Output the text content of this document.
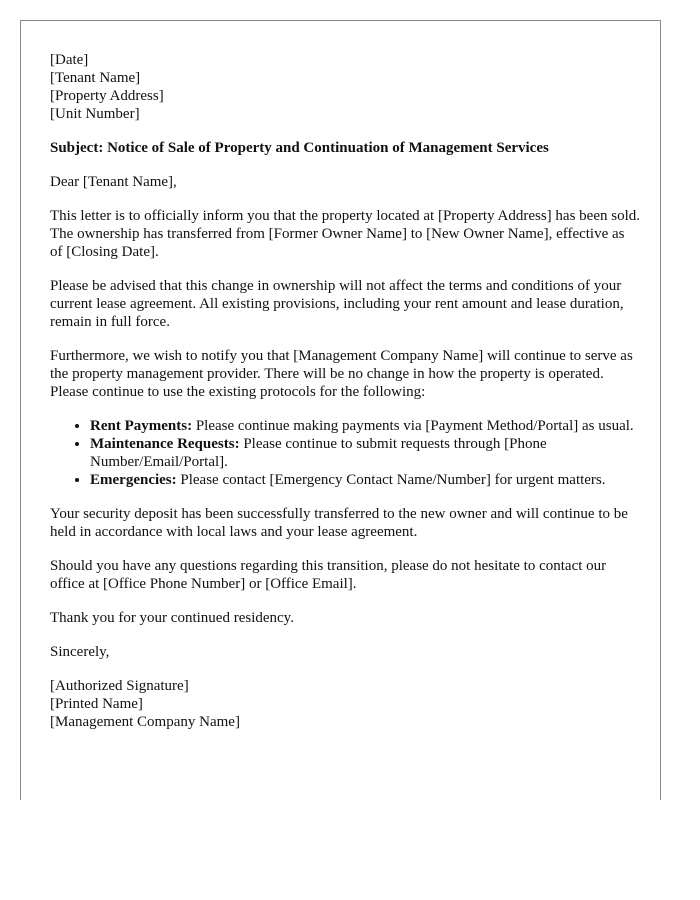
[Date]
[Tenant Name]
[Property Address]
[Unit Number]

Subject: Notice of Sale of Property and Continuation of Management Services

Dear [Tenant Name],

This letter is to officially inform you that the property located at [Property Address] has been sold. The ownership has transferred from [Former Owner Name] to [New Owner Name], effective as of [Closing Date].

Please be advised that this change in ownership will not affect the terms and conditions of your current lease agreement. All existing provisions, including your rent amount and lease duration, remain in full force.

Furthermore, we wish to notify you that [Management Company Name] will continue to serve as the property management provider. There will be no change in how the property is operated. Please continue to use the existing protocols for the following:

• Rent Payments: Please continue making payments via [Payment Method/Portal] as usual.
• Maintenance Requests: Please continue to submit requests through [Phone Number/Email/Portal].
• Emergencies: Please contact [Emergency Contact Name/Number] for urgent matters.

Your security deposit has been successfully transferred to the new owner and will continue to be held in accordance with local laws and your lease agreement.

Should you have any questions regarding this transition, please do not hesitate to contact our office at [Office Phone Number] or [Office Email].

Thank you for your continued residency.

Sincerely,

[Authorized Signature]
[Printed Name]
[Management Company Name]
